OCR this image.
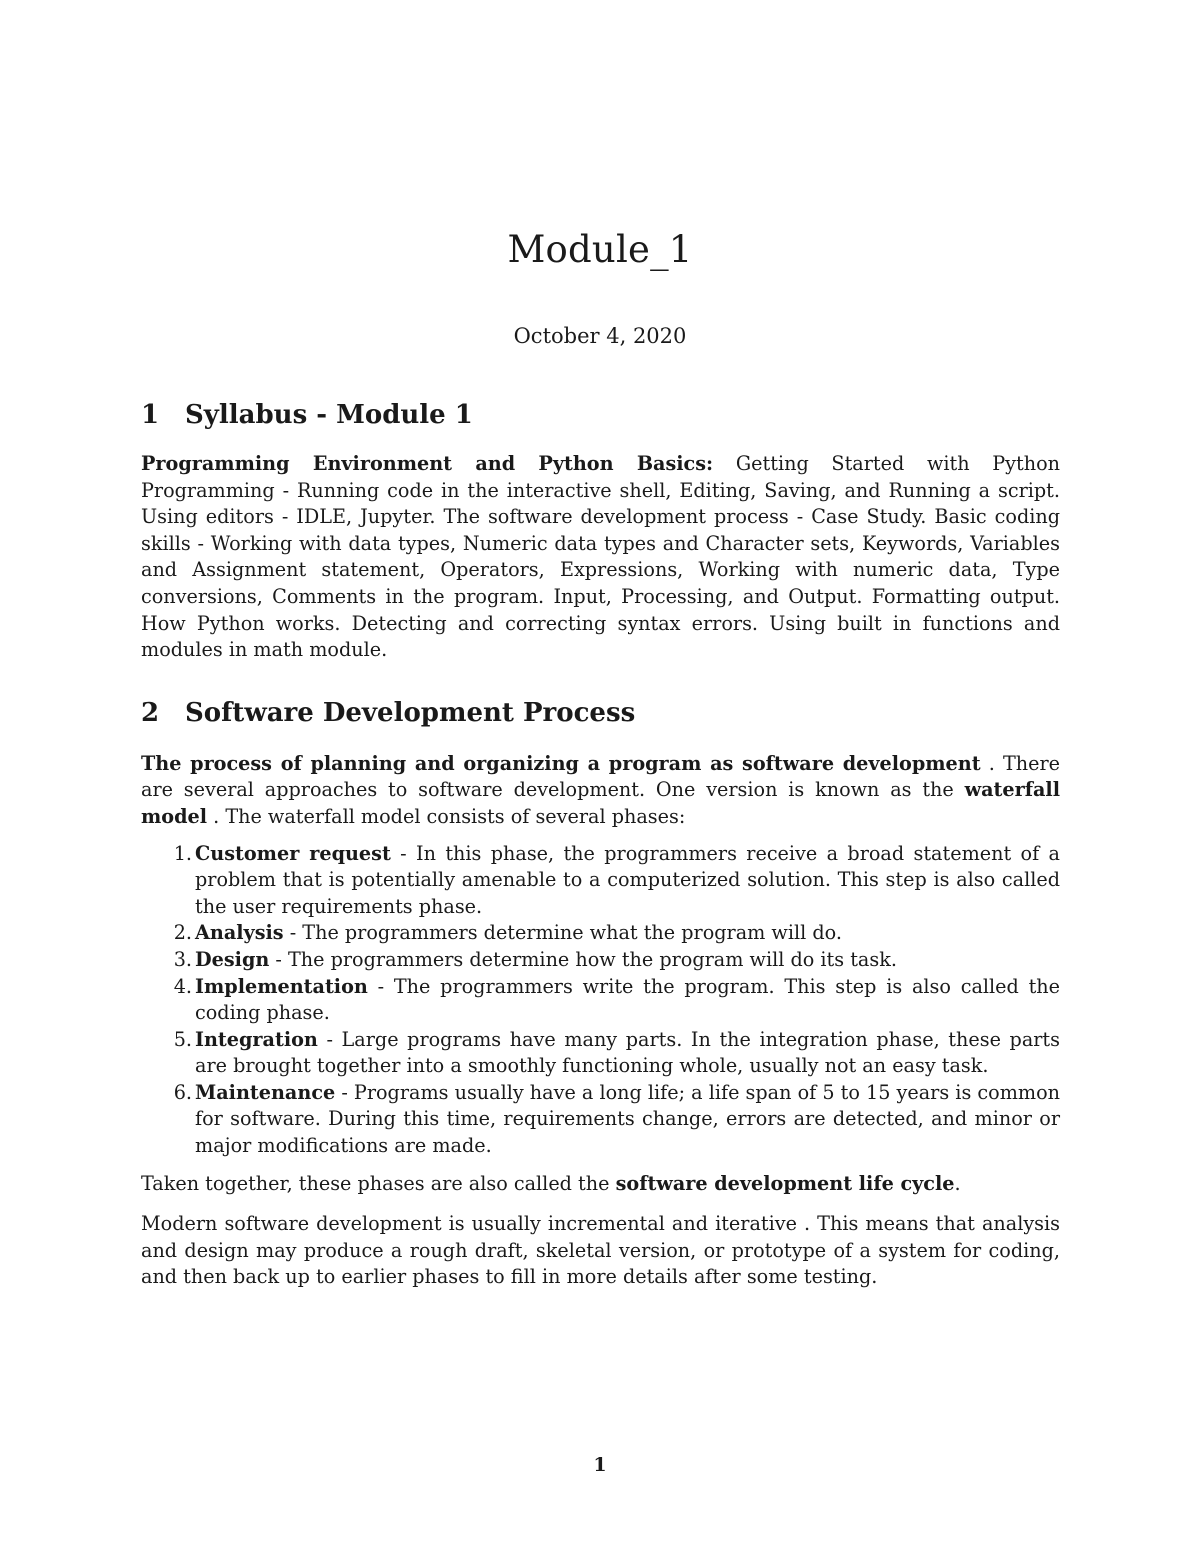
Module_1
October 4, 2020
1 Syllabus - Module 1

Programming Environment and Python Basics: Getting Started with Python Programming - Running code in the interactive shell, Editing, Saving, and Running a script. Using editors - IDLE, Jupyter. The software development process - Case Study. Basic coding skills - Working with data types, Numeric data types and Character sets, Keywords, Variables and Assignment statement, Operators, Expressions, Working with numeric data, Type conversions, Comments in the program. Input, Processing, and Output. Formatting output. How Python works. Detecting and correcting syntax errors. Using built in functions and modules in math module.

2 Software Development Process

The process of planning and organizing a program as software development . There are several approaches to software development. One version is known as the waterfall model . The waterfall model consists of several phases:

1. Customer request - In this phase, the programmers receive a broad statement of a problem that is potentially amenable to a computerized solution. This step is also called the user requirements phase.
2. Analysis - The programmers determine what the program will do.
3. Design - The programmers determine how the program will do its task.
4. Implementation - The programmers write the program. This step is also called the coding phase.
5. Integration - Large programs have many parts. In the integration phase, these parts are brought together into a smoothly functioning whole, usually not an easy task.
6. Maintenance - Programs usually have a long life; a life span of 5 to 15 years is common for software. During this time, requirements change, errors are detected, and minor or major modifications are made.

Taken together, these phases are also called the software development life cycle.

Modern software development is usually incremental and iterative . This means that analysis and design may produce a rough draft, skeletal version, or prototype of a system for coding, and then back up to earlier phases to fill in more details after some testing.

1
